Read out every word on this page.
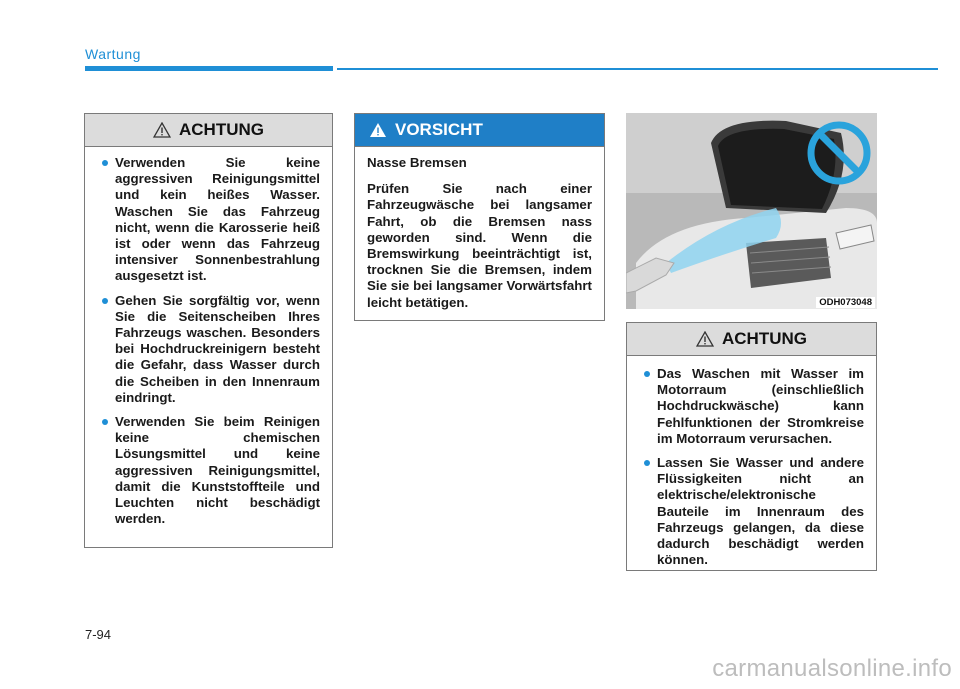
Wartung
ACHTUNG
Verwenden Sie keine aggressiven Reinigungsmittel und kein heißes Wasser. Waschen Sie das Fahrzeug nicht, wenn die Karosserie heiß ist oder wenn das Fahrzeug intensiver Sonnenbestrahlung ausgesetzt ist.
Gehen Sie sorgfältig vor, wenn Sie die Seitenscheiben Ihres Fahrzeugs waschen. Besonders bei Hochdruckreinigern besteht die Gefahr, dass Wasser durch die Scheiben in den Innenraum eindringt.
Verwenden Sie beim Reinigen keine chemischen Lösungsmittel und keine aggressiven Reinigungsmittel, damit die Kunststoffteile und Leuchten nicht beschädigt werden.
VORSICHT

Nasse Bremsen

Prüfen Sie nach einer Fahrzeugwäsche bei langsamer Fahrt, ob die Bremsen nass geworden sind. Wenn die Bremswirkung beeinträchtigt ist, trocknen Sie die Bremsen, indem Sie sie bei langsamer Vorwärtsfahrt leicht betätigen.	ODH073048
ACHTUNG
Das Waschen mit Wasser im Motorraum (einschließlich Hochdruckwäsche) kann Fehlfunktionen der Stromkreise im Motorraum verursachen.
Lassen Sie Wasser und andere Flüssigkeiten nicht an elektrische/elektronische Bauteile im Innenraum des Fahrzeugs gelangen, da diese dadurch beschädigt werden können.
7-94
carmanualsonline.info
